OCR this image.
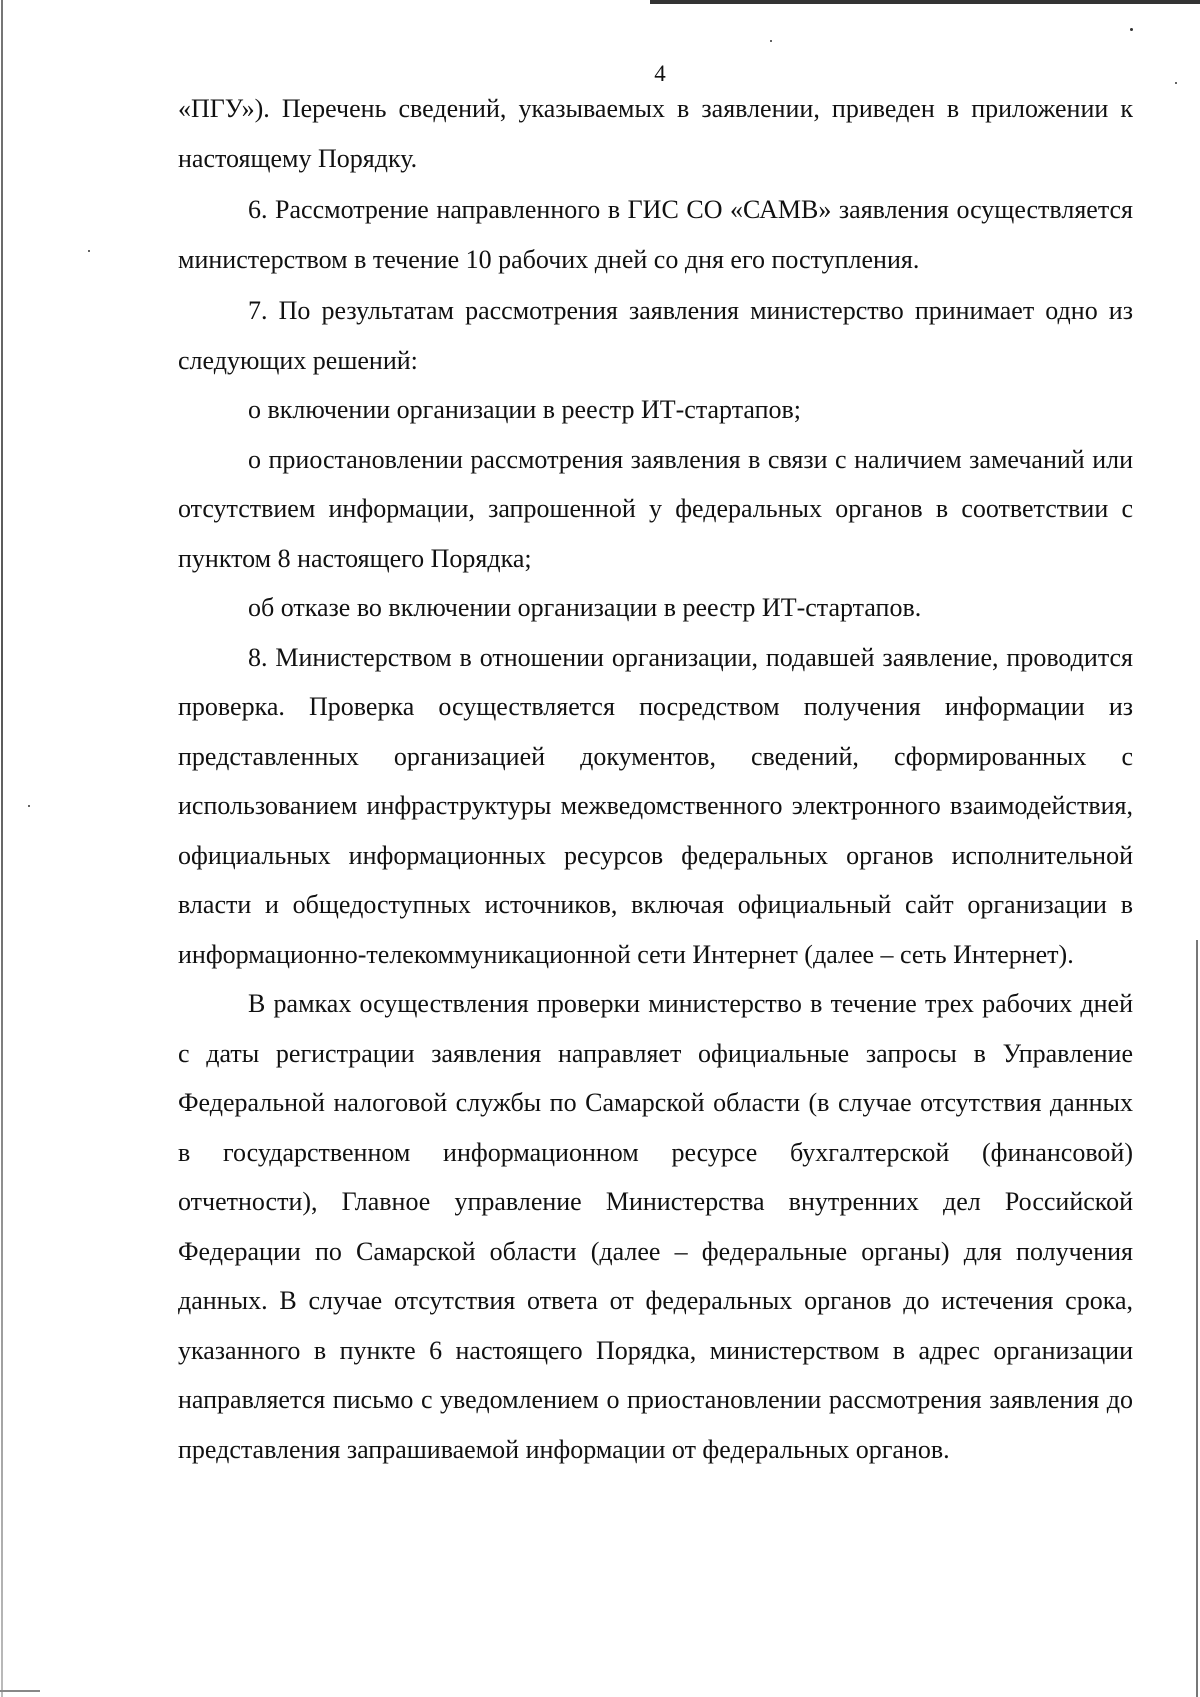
4

«ПГУ»). Перечень сведений, указываемых в заявлении, приведен в приложении к настоящему Порядку.

6. Рассмотрение направленного в ГИС СО «САМВ» заявления осуществляется министерством в течение 10 рабочих дней со дня его поступления.

7. По результатам рассмотрения заявления министерство принимает одно из следующих решений:

о включении организации в реестр ИТ-стартапов;

о приостановлении рассмотрения заявления в связи с наличием замечаний или отсутствием информации, запрошенной у федеральных органов в соответствии с пунктом 8 настоящего Порядка;

об отказе во включении организации в реестр ИТ-стартапов.

8. Министерством в отношении организации, подавшей заявление, проводится проверка. Проверка осуществляется посредством получения информации из представленных организацией документов, сведений, сформированных с использованием инфраструктуры межведомственного электронного взаимодействия, официальных информационных ресурсов федеральных органов исполнительной власти и общедоступных источников, включая официальный сайт организации в информационно-телекоммуникационной сети Интернет (далее – сеть Интернет).

В рамках осуществления проверки министерство в течение трех рабочих дней с даты регистрации заявления направляет официальные запросы в Управление Федеральной налоговой службы по Самарской области (в случае отсутствия данных в государственном информационном ресурсе бухгалтерской (финансовой) отчетности), Главное управление Министерства внутренних дел Российской Федерации по Самарской области (далее – федеральные органы) для получения данных. В случае отсутствия ответа от федеральных органов до истечения срока, указанного в пункте 6 настоящего Порядка, министерством в адрес организации направляется письмо с уведомлением о приостановлении рассмотрения заявления до представления запрашиваемой информации от федеральных органов.
